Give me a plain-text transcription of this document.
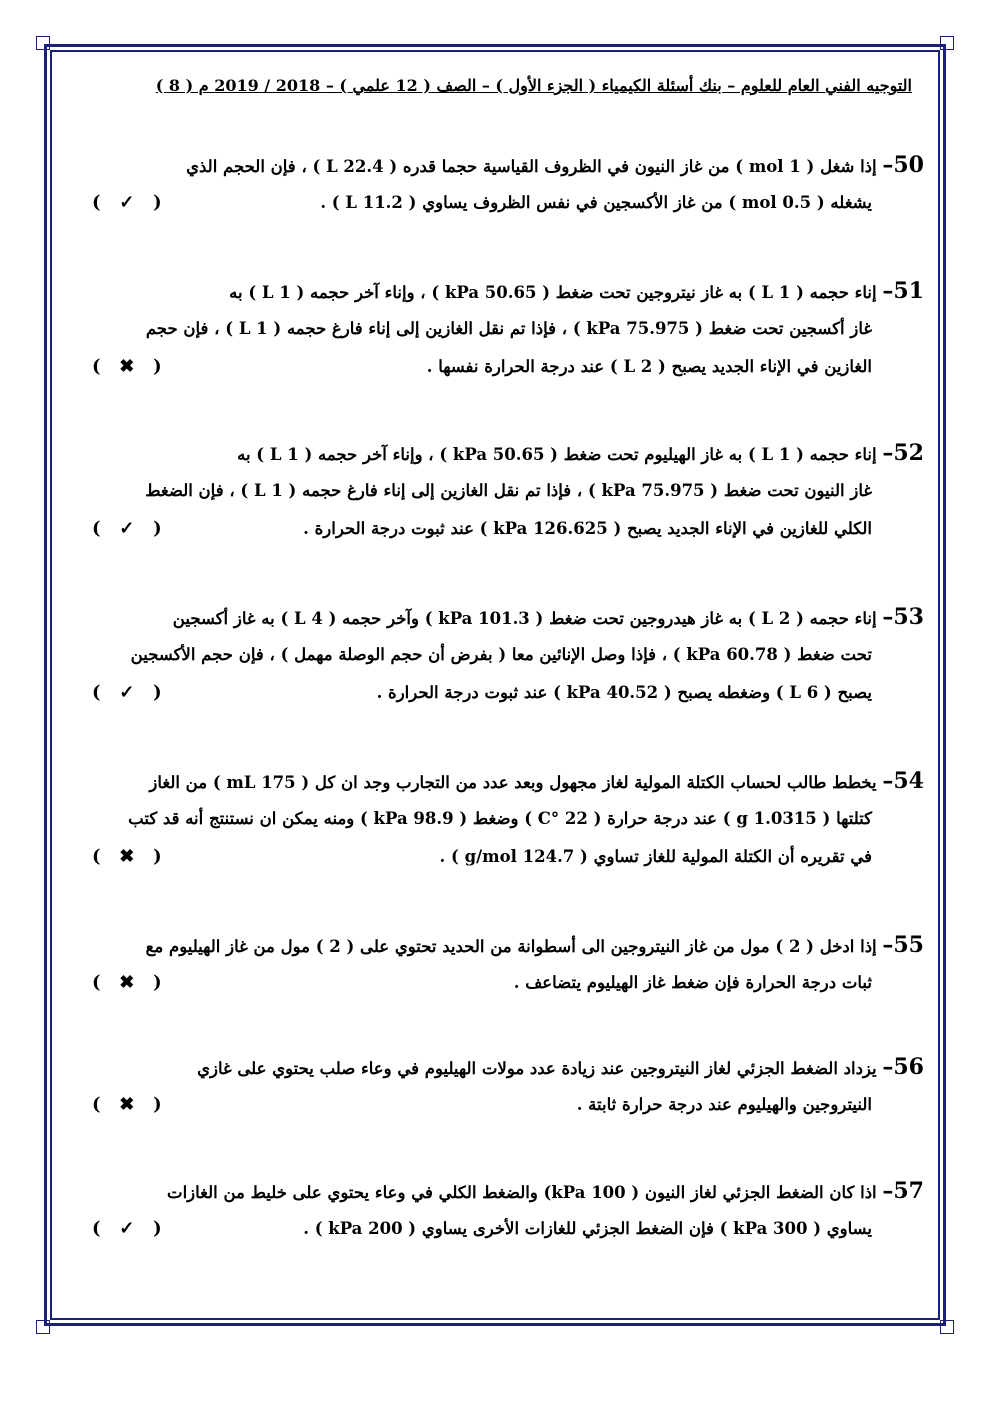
التوجيه الفني العام للعلوم – بنك أسئلة الكيمياء ( الجزء الأول ) – الصف ( 12 علمي ) – 2018 / 2019 م ( 8 )
50– إذا شغل ( 1 mol ) من غاز النيون في الظروف القياسية حجما قدره ( 22.4 L ) ، فإن الحجم الذي
يشغله ( 0.5 mol ) من غاز الأكسجين في نفس الظروف يساوي ( 11.2 L ) .
( ✓ )
51– إناء حجمه ( 1 L ) به غاز نيتروجين تحت ضغط ( 50.65 kPa ) ، وإناء آخر حجمه ( 1 L ) به
غاز أكسجين تحت ضغط ( 75.975 kPa ) ، فإذا تم نقل الغازين إلى إناء فارغ حجمه ( 1 L ) ، فإن حجم
الغازين في الإناء الجديد يصبح ( 2 L ) عند درجة الحرارة نفسها .
( ✖ )
52– إناء حجمه ( 1 L ) به غاز الهيليوم تحت ضغط ( 50.65 kPa ) ، وإناء آخر حجمه ( 1 L ) به
غاز النيون تحت ضغط ( 75.975 kPa ) ، فإذا تم نقل الغازين إلى إناء فارغ حجمه ( 1 L ) ، فإن الضغط
الكلي للغازين في الإناء الجديد يصبح ( 126.625 kPa ) عند ثبوت درجة الحرارة .
( ✓ )
53– إناء حجمه ( 2 L ) به غاز هيدروجين تحت ضغط ( 101.3 kPa ) وآخر حجمه ( 4 L ) به غاز أكسجين
تحت ضغط ( 60.78 kPa ) ، فإذا وصل الإنائين معا ( بفرض أن حجم الوصلة مهمل ) ، فإن حجم الأكسجين
يصبح ( 6 L ) وضغطه يصبح ( 40.52 kPa ) عند ثبوت درجة الحرارة .
( ✓ )
54– يخطط طالب لحساب الكتلة المولية لغاز مجهول وبعد عدد من التجارب وجد ان كل ( 175 mL ) من الغاز
كتلتها ( 1.0315 g ) عند درجة حرارة ( 22 °C ) وضغط ( 98.9 kPa ) ومنه يمكن ان نستنتج أنه قد كتب
في تقريره أن الكتلة المولية للغاز تساوي ( 124.7 g/mol ) .
( ✖ )
55– إذا ادخل ( 2 ) مول من غاز النيتروجين الى أسطوانة من الحديد تحتوي على ( 2 ) مول من غاز الهيليوم مع
ثبات درجة الحرارة فإن ضغط غاز الهيليوم يتضاعف .
( ✖ )
56– يزداد الضغط الجزئي لغاز النيتروجين عند زيادة عدد مولات الهيليوم في وعاء صلب يحتوي على غازي
النيتروجين والهيليوم عند درجة حرارة ثابتة .
( ✖ )
57– اذا كان الضغط الجزئي لغاز النيون ( 100 kPa) والضغط الكلي في وعاء يحتوي على خليط من الغازات
يساوي ( 300 kPa ) فإن الضغط الجزئي للغازات الأخرى يساوي ( 200 kPa ) .
( ✓ )
